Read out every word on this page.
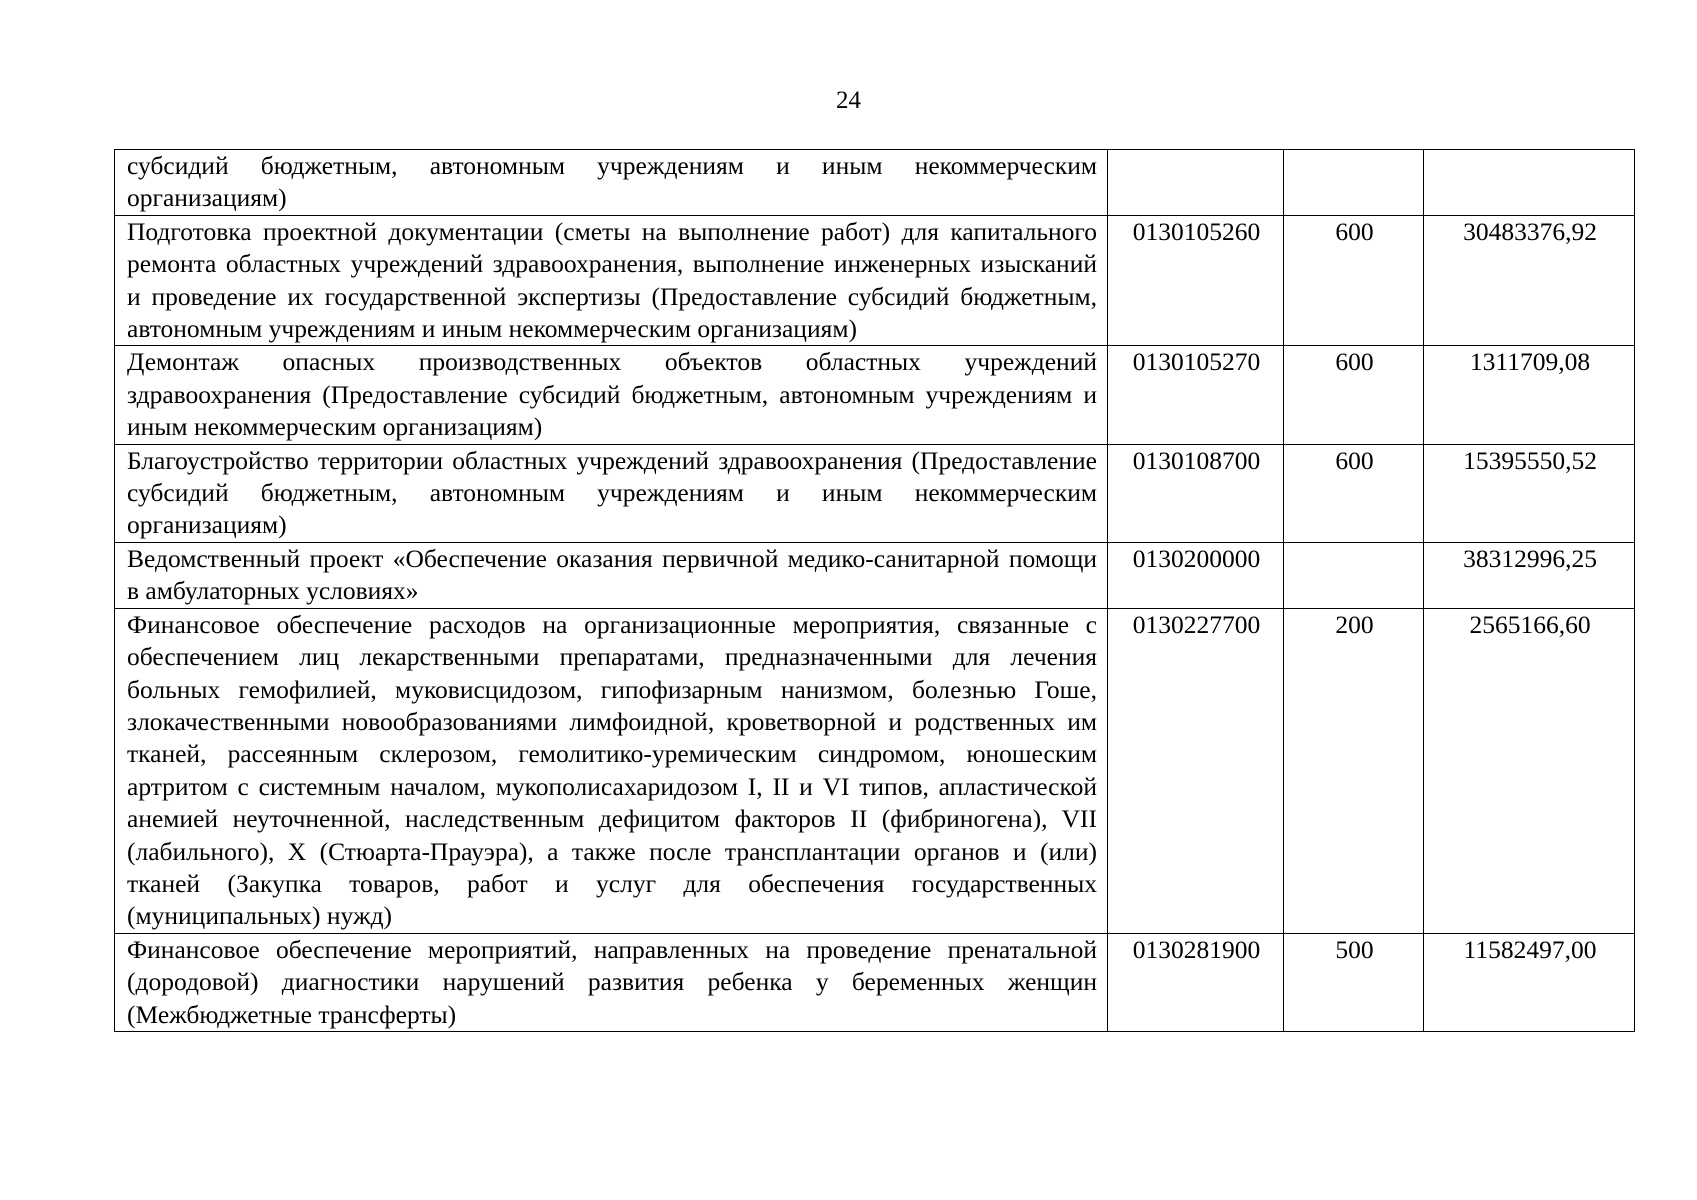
24
субсидий бюджетным, автономным учреждениям и иным некоммерческим организациям)			
Подготовка проектной документации (сметы на выполнение работ) для капитального ремонта областных учреждений здравоохранения, выполнение инженерных изысканий и проведение их государственной экспертизы (Предоставление субсидий бюджетным, автономным учреждениям и иным некоммерческим организациям)	0130105260	600	30483376,92
Демонтаж опасных производственных объектов областных учреждений здравоохранения (Предоставление субсидий бюджетным, автономным учреждениям и иным некоммерческим организациям)	0130105270	600	1311709,08
Благоустройство территории областных учреждений здравоохранения (Предоставление субсидий бюджетным, автономным учреждениям и иным некоммерческим организациям)	0130108700	600	15395550,52
Ведомственный проект «Обеспечение оказания первичной медико-санитарной помощи в амбулаторных условиях»	0130200000		38312996,25
Финансовое обеспечение расходов на организационные мероприятия, связанные с обеспечением лиц лекарственными препаратами, предназначенными для лечения больных гемофилией, муковисцидозом, гипофизарным нанизмом, болезнью Гоше, злокачественными новообразованиями лимфоидной, кроветворной и родственных им тканей, рассеянным склерозом, гемолитико-уремическим синдромом, юношеским артритом с системным началом, мукополисахаридозом I, II и VI типов, апластической анемией неуточненной, наследственным дефицитом факторов II (фибриногена), VII (лабильного), X (Стюарта-Прауэра), а также после трансплантации органов и (или) тканей (Закупка товаров, работ и услуг для обеспечения государственных (муниципальных) нужд)	0130227700	200	2565166,60
Финансовое обеспечение мероприятий, направленных на проведение пренатальной (дородовой) диагностики нарушений развития ребенка у беременных женщин (Межбюджетные трансферты)	0130281900	500	11582497,00
